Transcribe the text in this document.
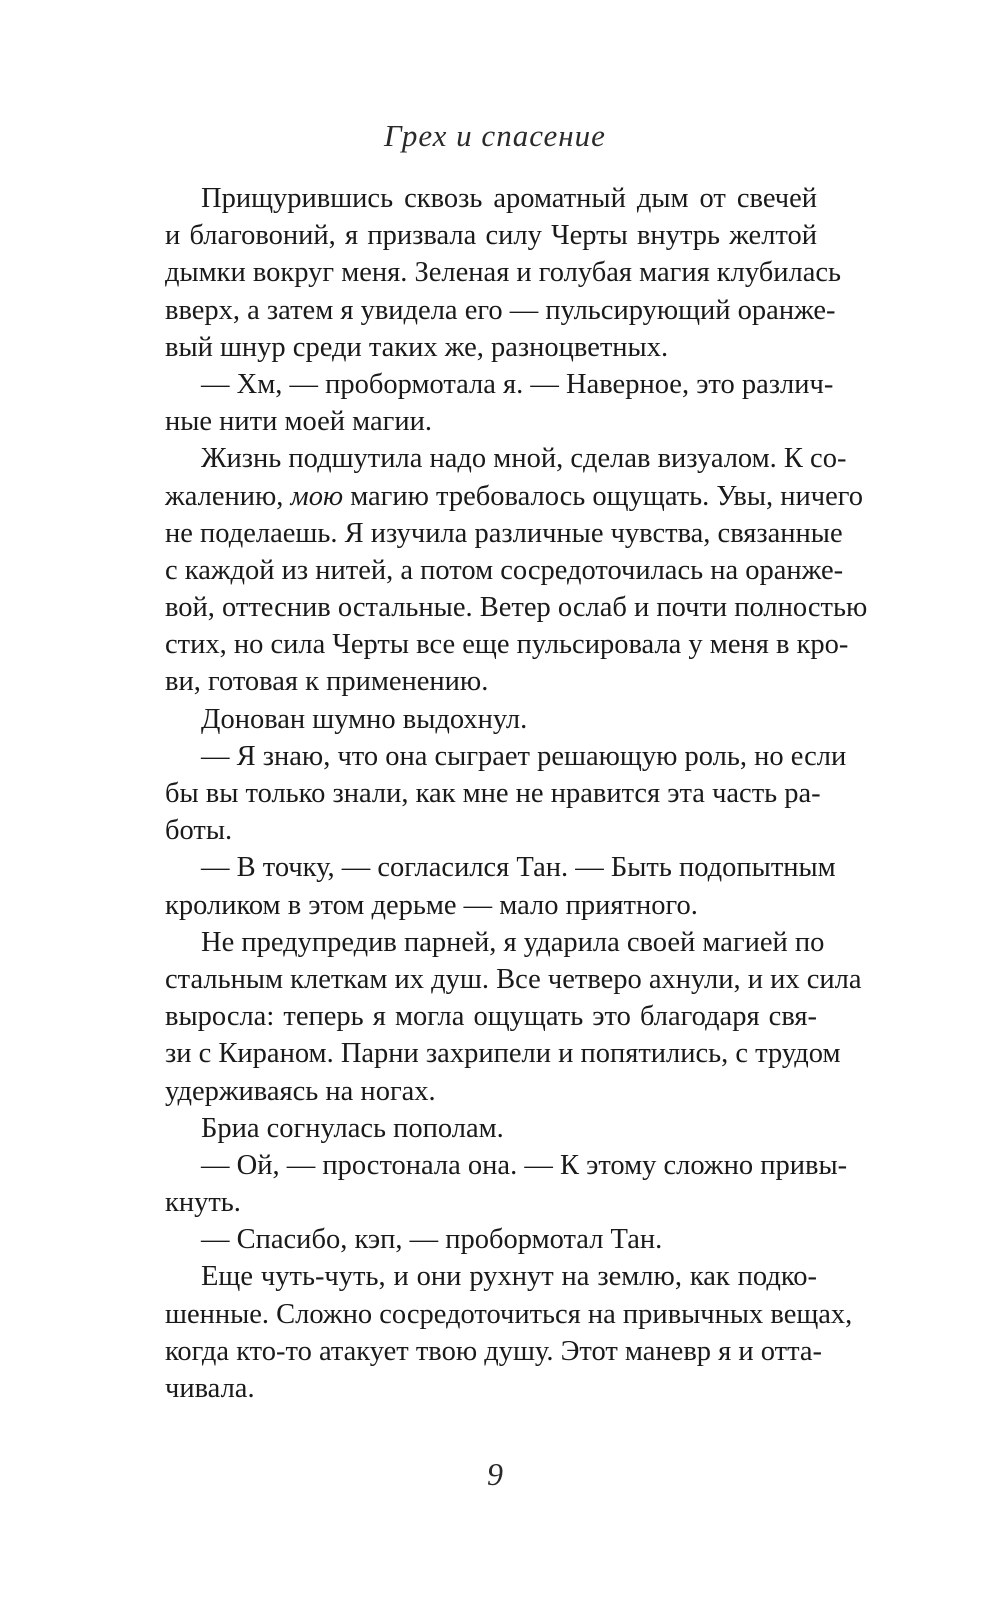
Грех и спасение
Прищурившись сквозь ароматный дым от свечей
и благовоний, я призвала силу Черты внутрь желтой
дымки вокруг меня. Зеленая и голубая магия клубилась
вверх, а затем я увидела его — пульсирующий оранже-
вый шнур среди таких же, разноцветных.
— Хм, — пробормотала я. — Наверное, это различ-
ные нити моей магии.
Жизнь подшутила надо мной, сделав визуалом. К со-
жалению, мою магию требовалось ощущать. Увы, ничего
не поделаешь. Я изучила различные чувства, связанные
с каждой из нитей, а потом сосредоточилась на оранже-
вой, оттеснив остальные. Ветер ослаб и почти полностью
стих, но сила Черты все еще пульсировала у меня в кро-
ви, готовая к применению.
Донован шумно выдохнул.
— Я знаю, что она сыграет решающую роль, но если
бы вы только знали, как мне не нравится эта часть ра-
боты.
— В точку, — согласился Тан. — Быть подопытным
кроликом в этом дерьме — мало приятного.
Не предупредив парней, я ударила своей магией по
стальным клеткам их душ. Все четверо ахнули, и их сила
выросла: теперь я могла ощущать это благодаря свя-
зи с Кираном. Парни захрипели и попятились, с трудом
удерживаясь на ногах.
Бриа согнулась пополам.
— Ой, — простонала она. — К этому сложно привы-
кнуть.
— Спасибо, кэп, — пробормотал Тан.
Еще чуть-чуть, и они рухнут на землю, как подко-
шенные. Сложно сосредоточиться на привычных вещах,
когда кто-то атакует твою душу. Этот маневр я и отта-
чивала.
9
